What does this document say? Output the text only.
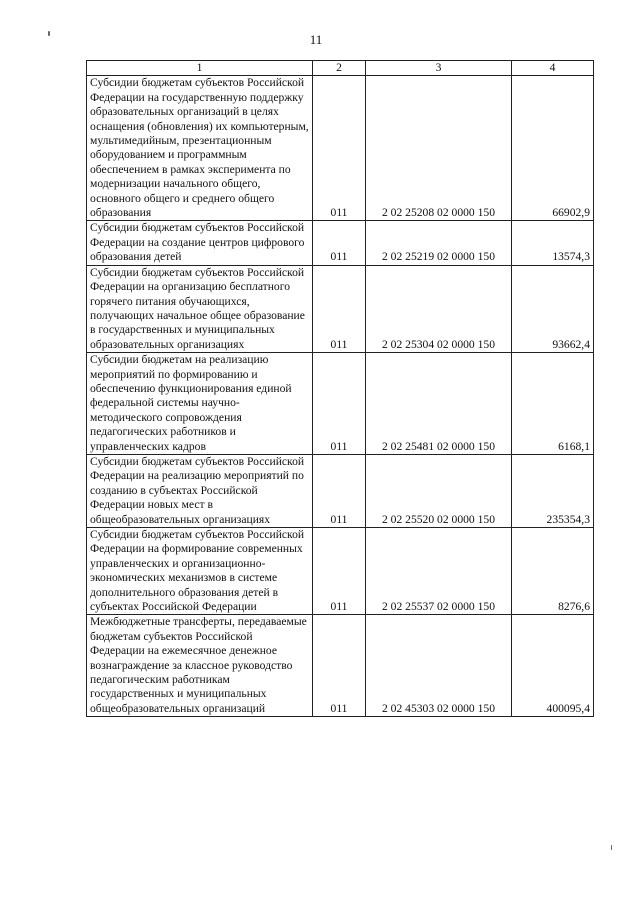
11
1	2	3	4
Субсидии бюджетам субъектов Российской Федерации на государственную поддержку образовательных организаций в целях оснащения (обновления) их компьютерным, мультимедийным, презентационным оборудованием и программным обеспечением в рамках эксперимента по модернизации начального общего, основного общего и среднего общего образования	011	2 02 25208 02 0000 150	66902,9
Субсидии бюджетам субъектов Российской Федерации на создание центров цифрового образования детей	011	2 02 25219 02 0000 150	13574,3
Субсидии бюджетам субъектов Российской Федерации на организацию бесплатного горячего питания обучающихся, получающих начальное общее образование в государственных и муниципальных образовательных организациях	011	2 02 25304 02 0000 150	93662,4
Субсидии бюджетам на реализацию мероприятий по формированию и обеспечению функционирования единой федеральной системы научно-методического сопровождения педагогических работников и управленческих кадров	011	2 02 25481 02 0000 150	6168,1
Субсидии бюджетам субъектов Российской Федерации на реализацию мероприятий по созданию в субъектах Российской Федерации новых мест в общеобразовательных организациях	011	2 02 25520 02 0000 150	235354,3
Субсидии бюджетам субъектов Российской Федерации на формирование современных управленческих и организационно-экономических механизмов в системе дополнительного образования детей в субъектах Российской Федерации	011	2 02 25537 02 0000 150	8276,6
Межбюджетные трансферты, передаваемые бюджетам субъектов Российской Федерации на ежемесячное денежное вознаграждение за классное руководство педагогическим работникам государственных и муниципальных общеобразовательных организаций	011	2 02 45303 02 0000 150	400095,4
